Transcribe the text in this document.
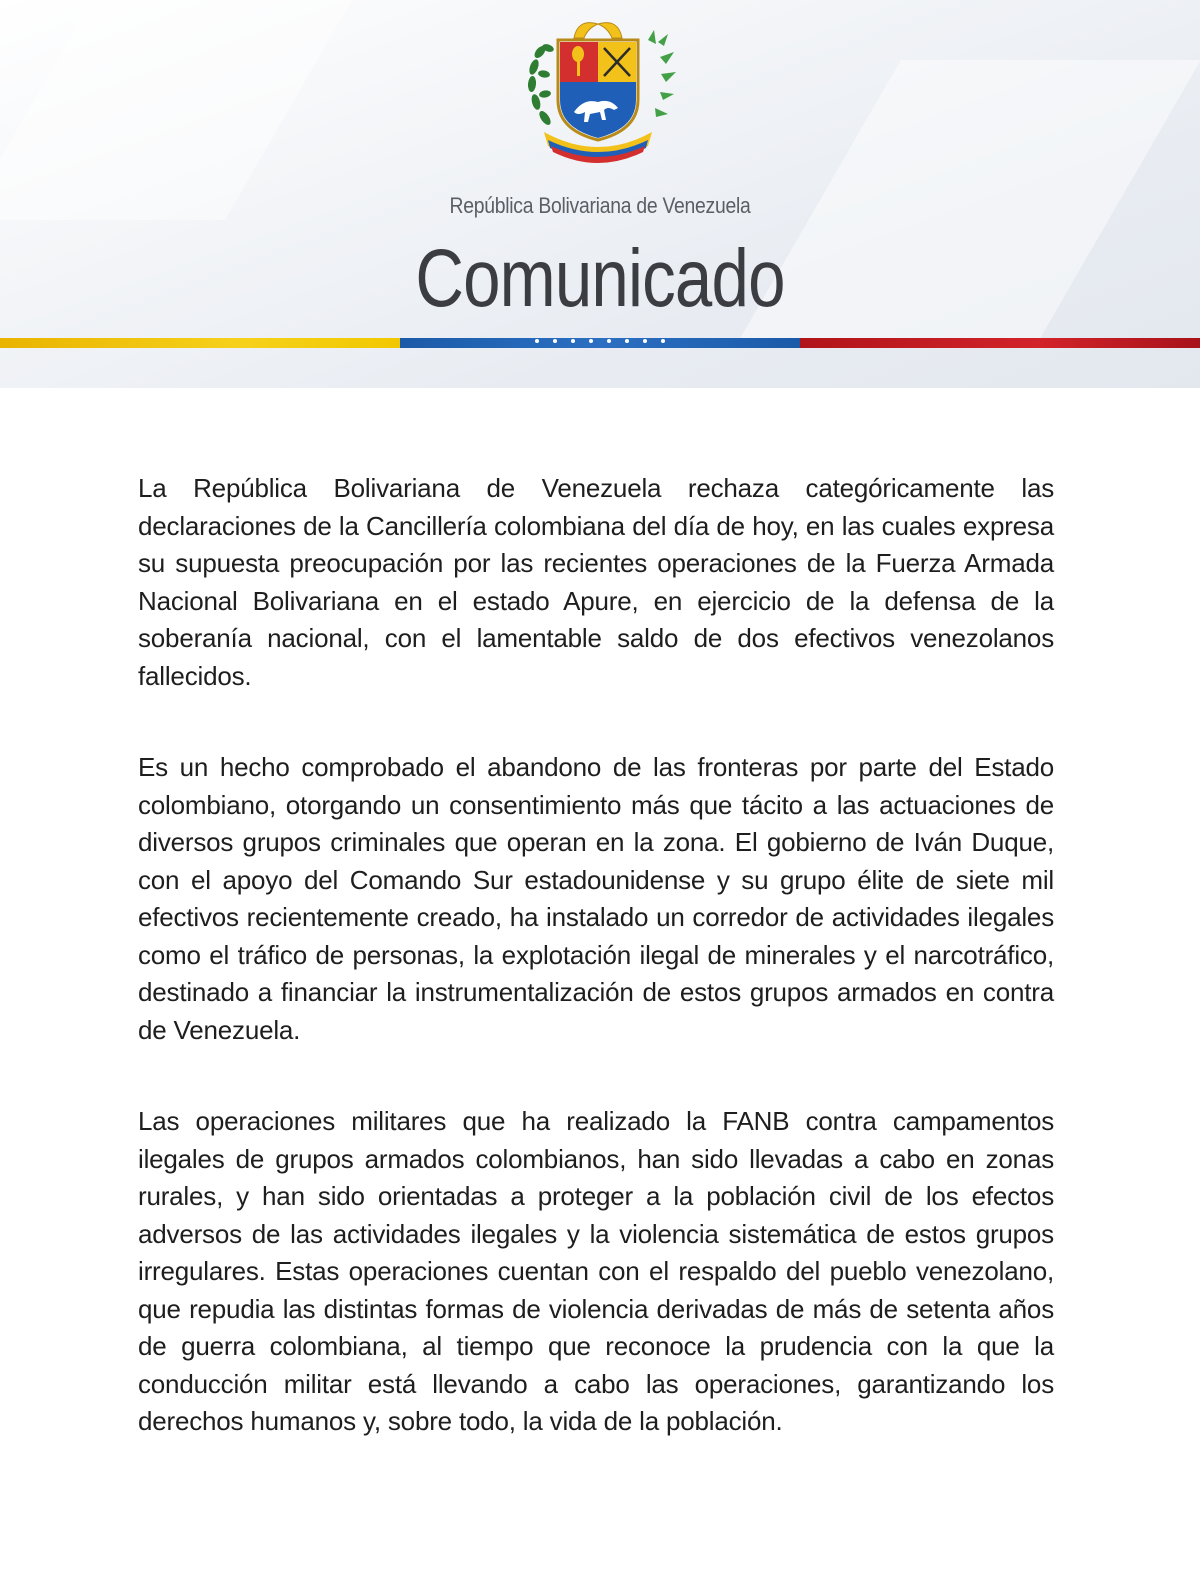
República Bolivariana de Venezuela
Comunicado

La República Bolivariana de Venezuela rechaza categóricamente las declaraciones de la Cancillería colombiana del día de hoy, en las cuales expresa su supuesta preocupación por las recientes operaciones de la Fuerza Armada Nacional Bolivariana en el estado Apure, en ejercicio de la defensa de la soberanía nacional, con el lamentable saldo de dos efectivos venezolanos fallecidos.

Es un hecho comprobado el abandono de las fronteras por parte del Estado colombiano, otorgando un consentimiento más que tácito a las actuaciones de diversos grupos criminales que operan en la zona. El gobierno de Iván Duque, con el apoyo del Comando Sur estadounidense y su grupo élite de siete mil efectivos recientemente creado, ha instalado un corredor de actividades ilegales como el tráfico de personas, la explotación ilegal de minerales y el narcotráfico, destinado a financiar la instrumentalización de estos grupos armados en contra de Venezuela.

Las operaciones militares que ha realizado la FANB contra campamentos ilegales de grupos armados colombianos, han sido llevadas a cabo en zonas rurales, y han sido orientadas a proteger a la población civil de los efectos adversos de las actividades ilegales y la violencia sistemática de estos grupos irregulares. Estas operaciones cuentan con el respaldo del pueblo venezolano, que repudia las distintas formas de violencia derivadas de más de setenta años de guerra colombiana, al tiempo que reconoce la prudencia con la que la conducción militar está llevando a cabo las operaciones, garantizando los derechos humanos y, sobre todo, la vida de la población.
